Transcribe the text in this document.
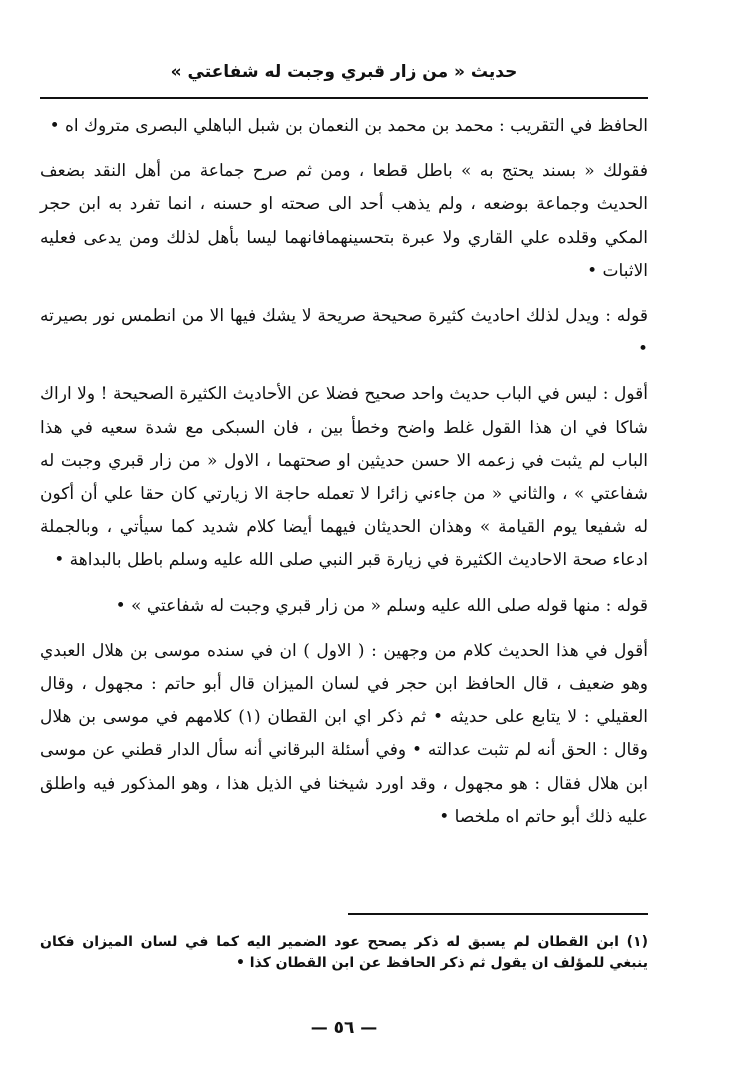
حديث « من زار قبري وجبت له شفاعتي »

الحافظ في التقريب : محمد بن محمد بن النعمان بن شبل الباهلي البصرى متروك اه •

فقولك « بسند يحتج به » باطل قطعا ، ومن ثم صرح جماعة من أهل النقد بضعف الحديث وجماعة بوضعه ، ولم يذهب أحد الى صحته او حسنه ، انما تفرد به ابن حجر المكي وقلده علي القاري ولا عبرة بتحسينهمافانهما ليسا بأهل لذلك ومن يدعى فعليه الاثبات •

قوله : ويدل لذلك احاديث كثيرة صحيحة صريحة لا يشك فيها الا من انطمس نور بصيرته •

أقول : ليس في الباب حديث واحد صحيح فضلا عن الأحاديث الكثيرة الصحيحة ! ولا اراك شاكا في ان هذا القول غلط واضح وخطأ بين ، فان السبكى مع شدة سعيه في هذا الباب لم يثبت في زعمه الا حسن حديثين او صحتهما ، الاول « من زار قبري وجبت له شفاعتي » ، والثاني « من جاءني زائرا لا تعمله حاجة الا زيارتي كان حقا علي أن أكون له شفيعا يوم القيامة » وهذان الحديثان فيهما أيضا كلام شديد كما سيأتي ، وبالجملة ادعاء صحة الاحاديث الكثيرة في زيارة قبر النبي صلى الله عليه وسلم باطل بالبداهة •

قوله : منها قوله صلى الله عليه وسلم « من زار قبري وجبت له شفاعتي » •

أقول في هذا الحديث كلام من وجهين : ( الاول ) ان في سنده موسى بن هلال العبدي وهو ضعيف ، قال الحافظ ابن حجر في لسان الميزان قال أبو حاتم : مجهول ، وقال العقيلي : لا يتابع على حديثه • ثم ذكر اي ابن القطان (١) كلامهم في موسى بن هلال وقال : الحق أنه لم تثبت عدالته • وفي أسئلة البرقاني أنه سأل الدار قطني عن موسى ابن هلال فقال : هو مجهول ، وقد اورد شيخنا في الذيل هذا ، وهو المذكور فيه واطلق عليه ذلك أبو حاتم اه ملخصا •

(١) ابن القطان لم يسبق له ذكر يصحح عود الضمير اليه كما في لسان الميزان فكان ينبغي للمؤلف ان يقول ثم ذكر الحافظ عن ابن القطان كذا •
— ٥٦ —
